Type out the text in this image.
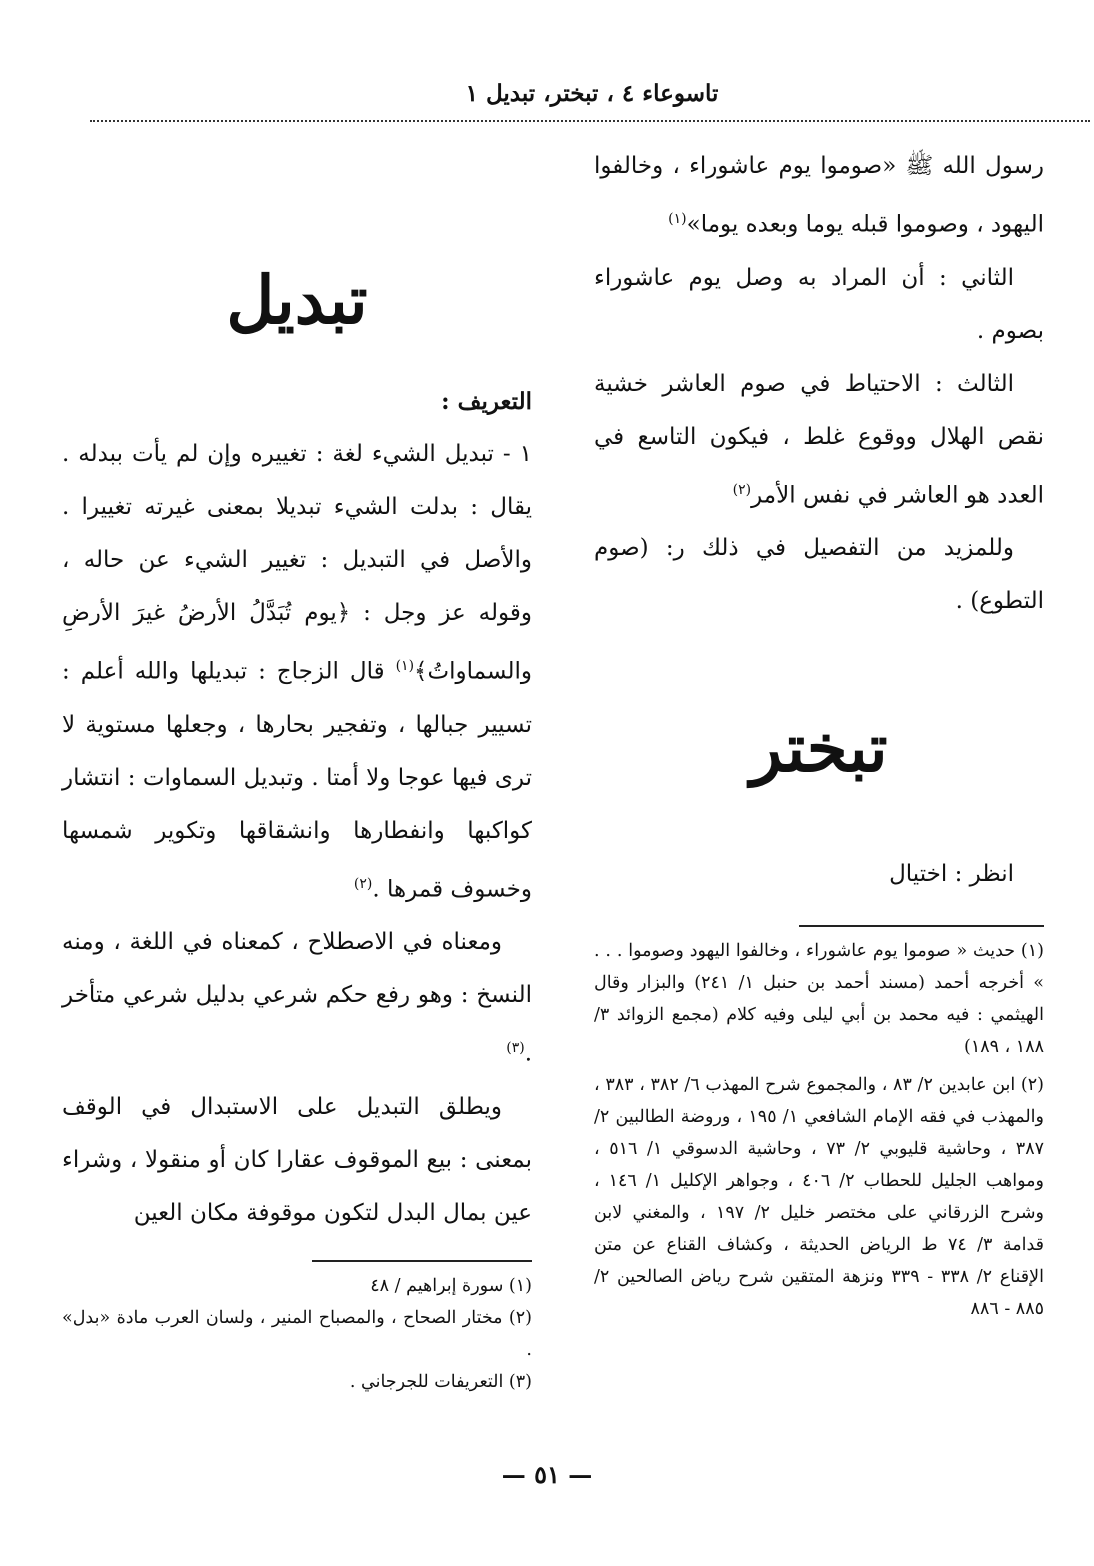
تاسوعاء ٤ ، تبختر، تبديل ١

رسول الله ﷺ «صوموا يوم عاشوراء ، وخالفوا اليهود ، وصوموا قبله يوما وبعده يوما»$^{(١)}$

الثاني : أن المراد به وصل يوم عاشوراء بصوم .

الثالث : الاحتياط في صوم العاشر خشية نقص الهلال ووقوع غلط ، فيكون التاسع في العدد هو العاشر في نفس الأمر$^{(٢)}$

وللمزيد من التفصيل في ذلك ر: (صوم التطوع) .

تبختر

انظر : اختيال

(١) حديث « صوموا يوم عاشوراء ، وخالفوا اليهود وصوموا . . . » أخرجه أحمد (مسند أحمد بن حنبل ١/ ٢٤١) والبزار وقال الهيثمي : فيه محمد بن أبي ليلى وفيه كلام (مجمع الزوائد ٣/ ١٨٨ ، ١٨٩)

(٢) ابن عابدين ٢/ ٨٣ ، والمجموع شرح المهذب ٦/ ٣٨٢ ، ٣٨٣ ، والمهذب في فقه الإمام الشافعي ١/ ١٩٥ ، وروضة الطالبين ٢/ ٣٨٧ ، وحاشية قليوبي ٢/ ٧٣ ، وحاشية الدسوقي ١/ ٥١٦ ، ومواهب الجليل للحطاب ٢/ ٤٠٦ ، وجواهر الإكليل ١/ ١٤٦ ، وشرح الزرقاني على مختصر خليل ٢/ ١٩٧ ، والمغني لابن قدامة ٣/ ٧٤ ط الرياض الحديثة ، وكشاف القناع عن متن الإقناع ٢/ ٣٣٨ - ٣٣٩ ونزهة المتقين شرح رياض الصالحين ٢/ ٨٨٥ - ٨٨٦

تبديل

التعريف :

١ - تبديل الشيء لغة : تغييره وإن لم يأت ببدله . يقال : بدلت الشيء تبديلا بمعنى غيرته تغييرا . والأصل في التبديل : تغيير الشيء عن حاله ، وقوله عز وجل : ﴿يوم تُبَدَّلُ الأرضُ غيرَ الأرضِ والسماواتُ﴾$^{(١)}$ قال الزجاج : تبديلها والله أعلم : تسيير جبالها ، وتفجير بحارها ، وجعلها مستوية لا ترى فيها عوجا ولا أمتا . وتبديل السماوات : انتشار كواكبها وانفطارها وانشقاقها وتكوير شمسها وخسوف قمرها .$^{(٢)}$

ومعناه في الاصطلاح ، كمعناه في اللغة ، ومنه النسخ : وهو رفع حكم شرعي بدليل شرعي متأخر .$^{(٣)}$

ويطلق التبديل على الاستبدال في الوقف بمعنى : بيع الموقوف عقارا كان أو منقولا ، وشراء عين بمال البدل لتكون موقوفة مكان العين

(١) سورة إبراهيم / ٤٨

(٢) مختار الصحاح ، والمصباح المنير ، ولسان العرب مادة «بدل» .

(٣) التعريفات للجرجاني .

— ٥١ —
